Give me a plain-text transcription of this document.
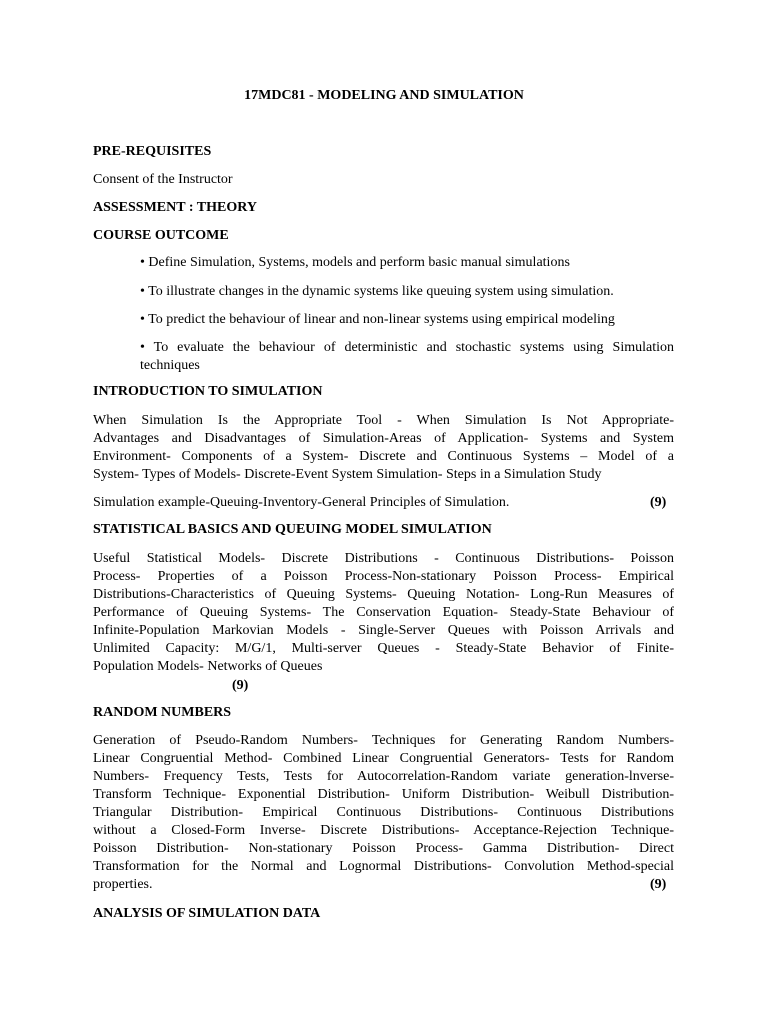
17MDC81 - MODELING AND SIMULATION
PRE-REQUISITES
Consent of the Instructor
ASSESSMENT : THEORY
COURSE OUTCOME
• Define Simulation, Systems, models and perform basic manual simulations
• To illustrate changes in the dynamic systems like queuing system using simulation.
• To predict the behaviour of linear and non-linear systems using empirical modeling
• To evaluate the behaviour of deterministic and stochastic systems using Simulation techniques
INTRODUCTION TO SIMULATION
When Simulation Is the Appropriate Tool - When Simulation Is Not Appropriate-
Advantages and Disadvantages of Simulation-Areas of Application- Systems and System
Environment- Components of a System- Discrete and Continuous Systems – Model of a
System- Types of Models- Discrete-Event System Simulation- Steps in a Simulation Study
Simulation example-Queuing-Inventory-General Principles of Simulation.	(9)
STATISTICAL BASICS AND QUEUING MODEL SIMULATION
Useful Statistical Models- Discrete Distributions - Continuous Distributions- Poisson
Process- Properties of a Poisson Process-Non-stationary Poisson Process- Empirical
Distributions-Characteristics of Queuing Systems- Queuing Notation- Long-Run Measures of
Performance of Queuing Systems- The Conservation Equation- Steady-State Behaviour of
Infinite-Population Markovian Models - Single-Server Queues with Poisson Arrivals and
Unlimited Capacity: M/G/1, Multi-server Queues - Steady-State Behavior of Finite-
Population Models- Networks of Queues
(9)
RANDOM NUMBERS
Generation of Pseudo-Random Numbers- Techniques for Generating Random Numbers-
Linear Congruential Method- Combined Linear Congruential Generators- Tests for Random
Numbers- Frequency Tests, Tests for Autocorrelation-Random variate generation-lnverse-
Transform Technique- Exponential Distribution- Uniform Distribution- Weibull Distribution-
Triangular Distribution- Empirical Continuous Distributions- Continuous Distributions
without a Closed-Form Inverse- Discrete Distributions- Acceptance-Rejection Technique-
Poisson Distribution- Non-stationary Poisson Process- Gamma Distribution- Direct
Transformation for the Normal and Lognormal Distributions- Convolution Method-special
properties.	(9)
ANALYSIS OF SIMULATION DATA
